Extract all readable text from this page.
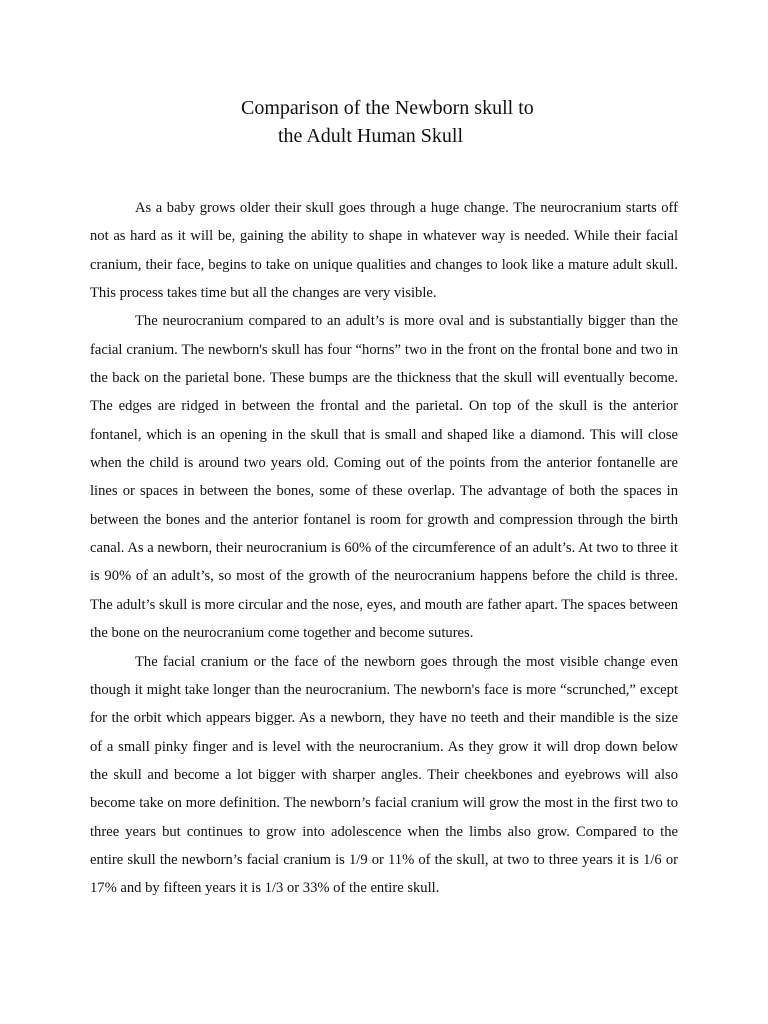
Comparison of the Newborn skull to
the Adult Human Skull

As a baby grows older their skull goes through a huge change. The neurocranium starts off not as hard as it will be, gaining the ability to shape in whatever way is needed. While their facial cranium, their face, begins to take on unique qualities and changes to look like a mature adult skull. This process takes time but all the changes are very visible.

The neurocranium compared to an adult’s is more oval and is substantially bigger than the facial cranium. The newborn's skull has four “horns” two in the front on the frontal bone and two in the back on the parietal bone. These bumps are the thickness that the skull will eventually become. The edges are ridged in between the frontal and the parietal. On top of the skull is the anterior fontanel, which is an opening in the skull that is small and shaped like a diamond. This will close when the child is around two years old. Coming out of the points from the anterior fontanelle are lines or spaces in between the bones, some of these overlap. The advantage of both the spaces in between the bones and the anterior fontanel is room for growth and compression through the birth canal. As a newborn, their neurocranium is 60% of the circumference of an adult’s. At two to three it is 90% of an adult’s, so most of the growth of the neurocranium happens before the child is three. The adult’s skull is more circular and the nose, eyes, and mouth are father apart. The spaces between the bone on the neurocranium come together and become sutures.

The facial cranium or the face of the newborn goes through the most visible change even though it might take longer than the neurocranium. The newborn's face is more “scrunched,” except for the orbit which appears bigger. As a newborn, they have no teeth and their mandible is the size of a small pinky finger and is level with the neurocranium. As they grow it will drop down below the skull and become a lot bigger with sharper angles. Their cheekbones and eyebrows will also become take on more definition. The newborn’s facial cranium will grow the most in the first two to three years but continues to grow into adolescence when the limbs also grow. Compared to the entire skull the newborn’s facial cranium is 1/9 or 11% of the skull, at two to three years it is 1/6 or 17% and by fifteen years it is 1/3 or 33% of the entire skull.
